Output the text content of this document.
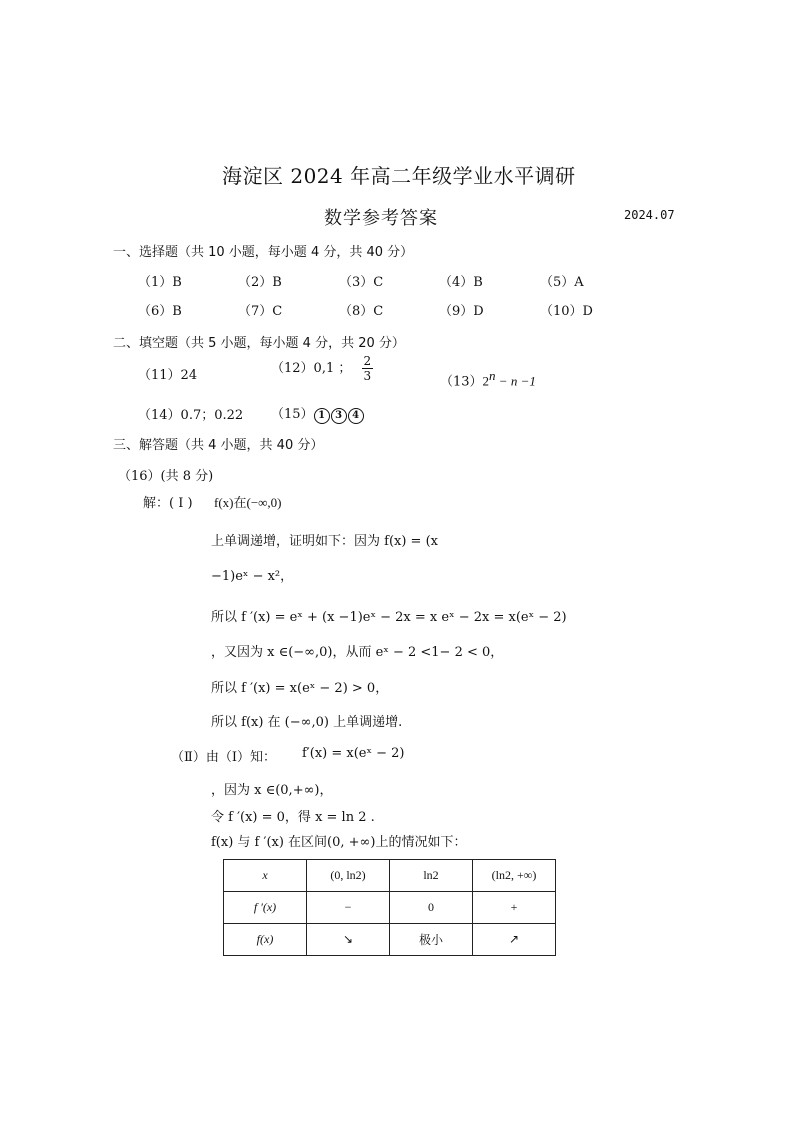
海淀区 2024 年高二年级学业水平调研
数学参考答案	2024.07
一、选择题（共 10 小题，每小题 4 分，共 40 分）
（1）B	（2）B	（3）C	（4）B	（5）A
（6）B	（7）C	（8）C	（9）D	（10）D
二、填空题（共 5 小题，每小题 4 分，共 20 分）
（11）24	（12）0,1 ； $\frac{2}{3}$	$(13)2^n - n -1$
（14）0.7；0.22 （15） 1 3 4
三、解答题（共 4 小题，共 40 分）
（16）(共 8 分)
解：( Ⅰ ) f(x)在(−∞,0)
上单调递增，证明如下：因为 f(x) = (x
−1)eˣ − x²，
所以 f ′(x) = eˣ + (x −1)eˣ − 2x = x eˣ − 2x = x(eˣ − 2)
，又因为 x ∈(−∞,0)，从而 eˣ − 2 <1− 2 < 0，
所以 f ′(x) = x(eˣ − 2) > 0，
所以 f(x) 在 (−∞,0) 上单调递增.
（Ⅱ）由（Ⅰ）知： f′(x) = x(eˣ − 2)
，因为 x ∈(0,+∞)，
令 f ′(x) = 0，得 x = ln 2 .
f(x) 与 f ′(x) 在区间(0, +∞)上的情况如下：
x	(0, ln2)	ln2	(ln2, +∞)
f ′(x)	−	0	+
f(x)	↘	极小	↗
